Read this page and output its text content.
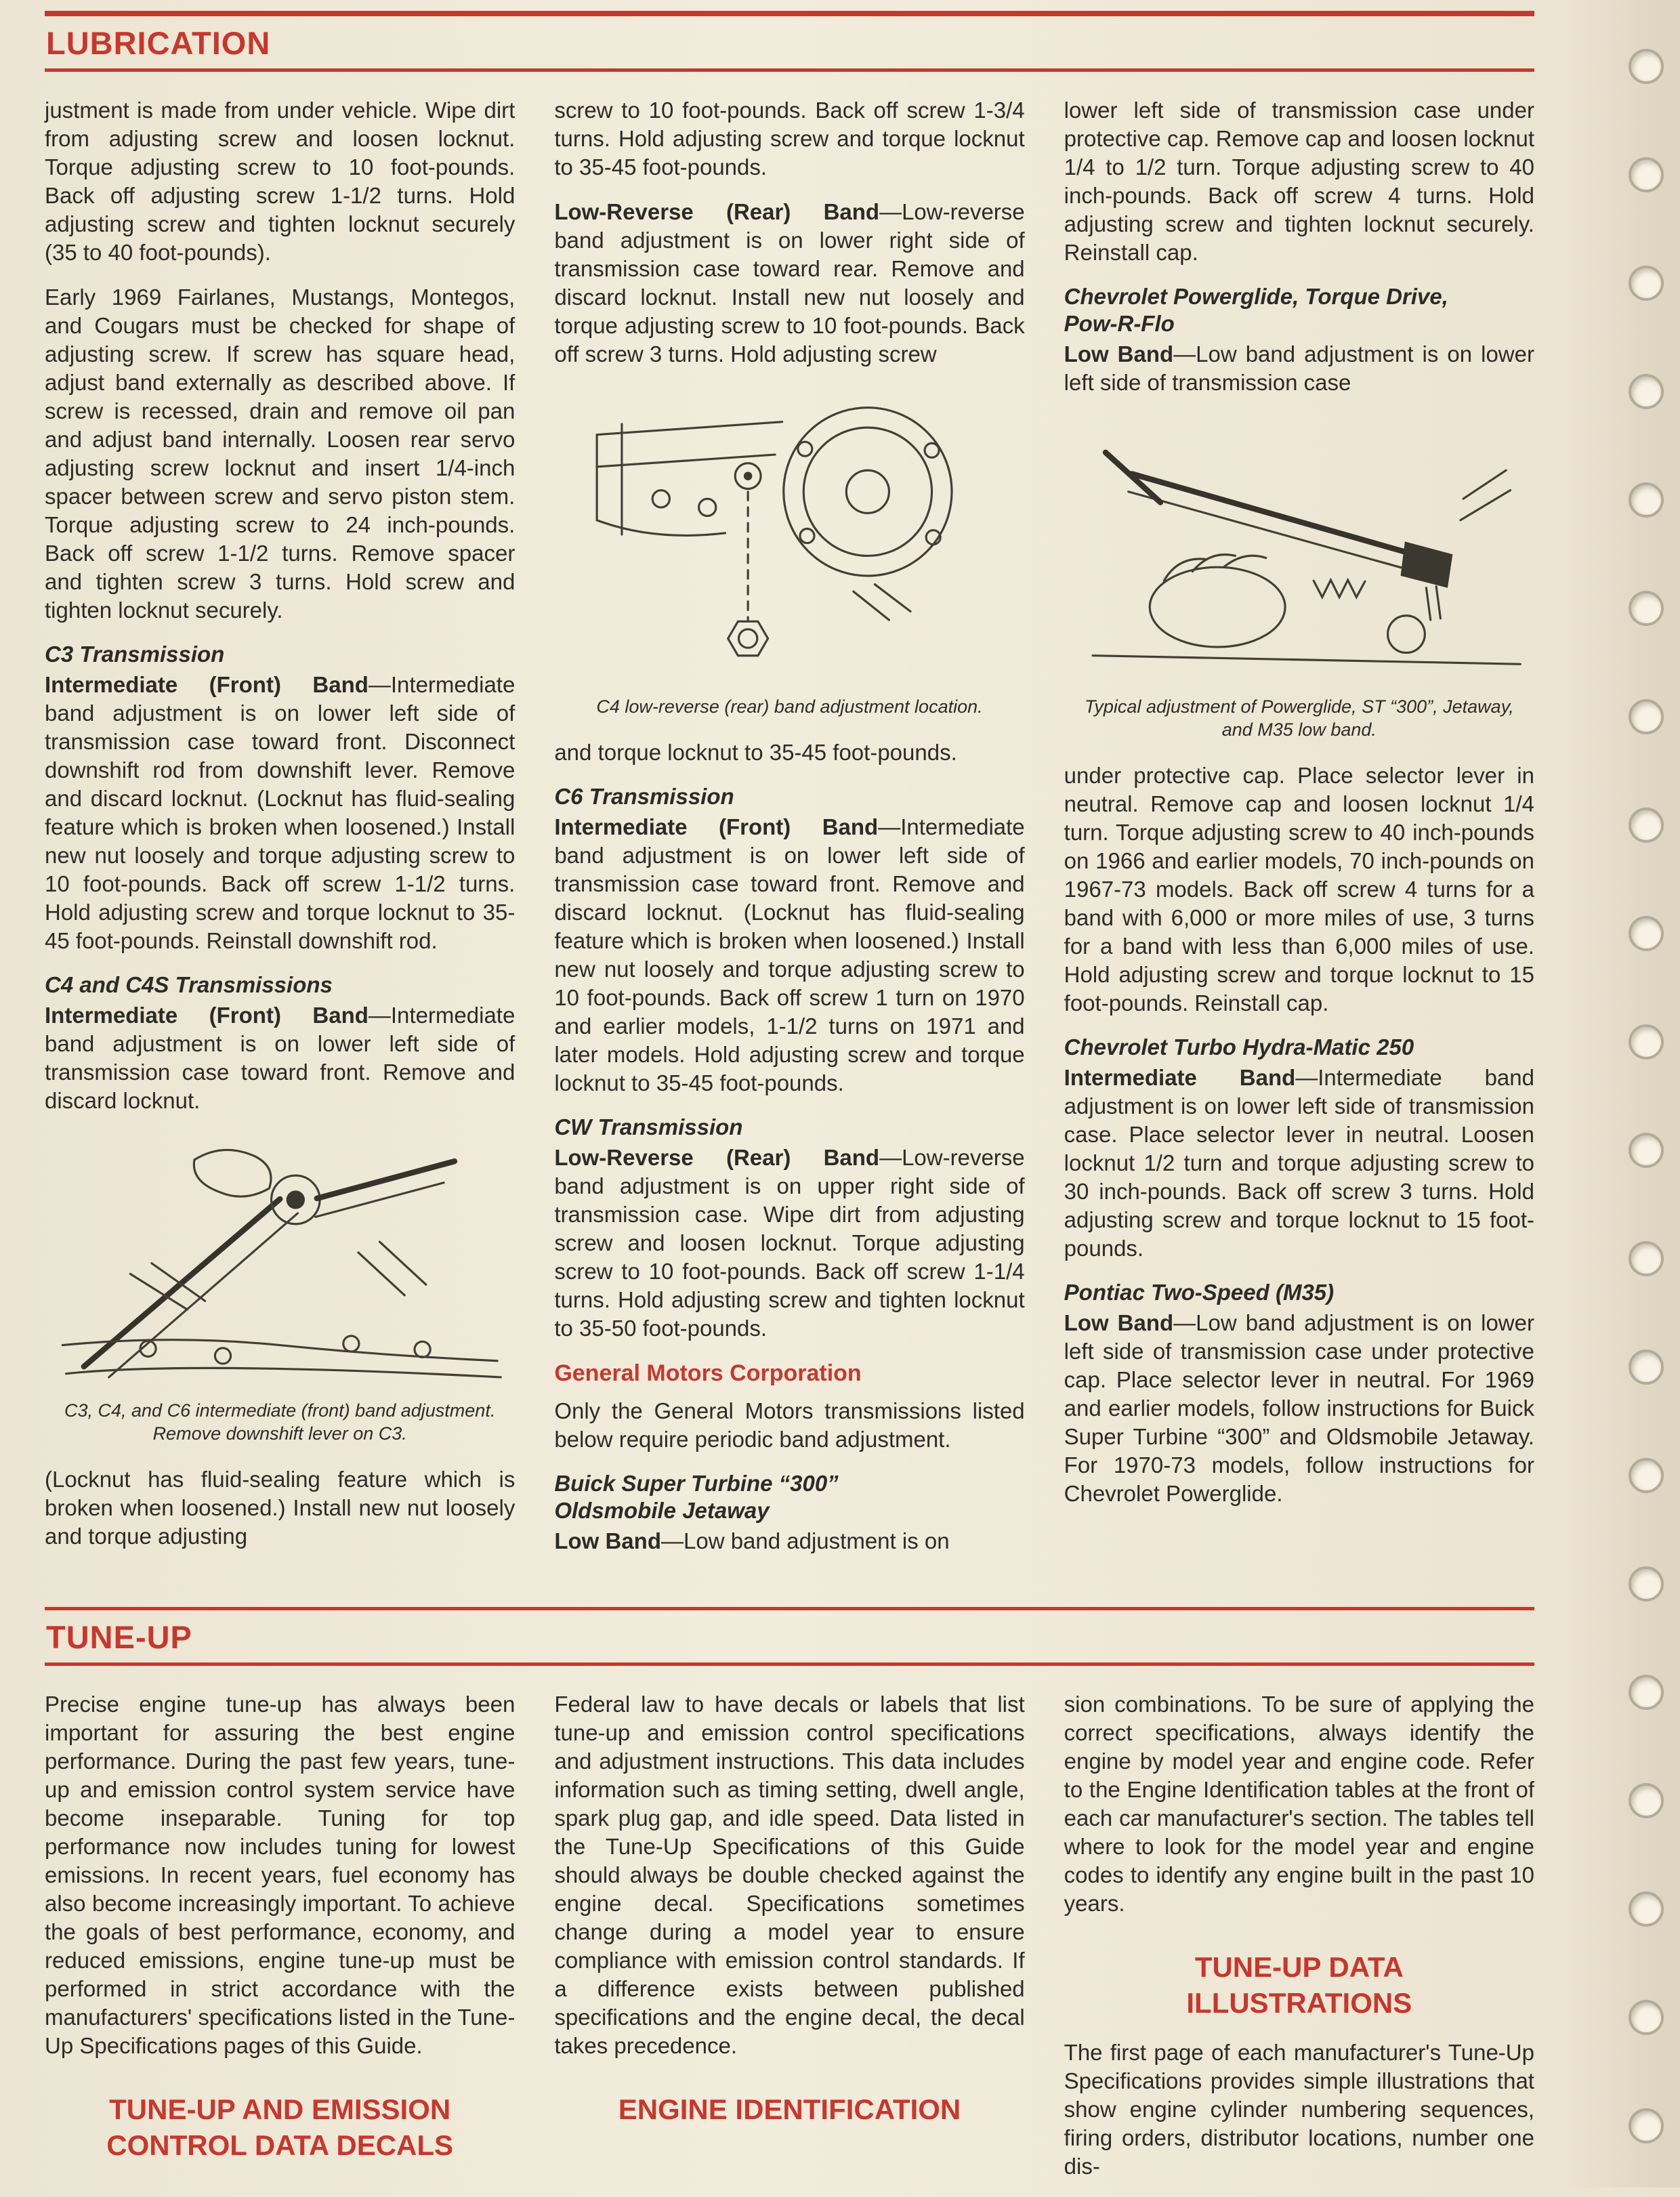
LUBRICATION

justment is made from under vehicle. Wipe dirt from adjusting screw and loosen locknut. Torque adjusting screw to 10 foot-pounds. Back off adjusting screw 1-1/2 turns. Hold adjusting screw and tighten locknut securely (35 to 40 foot-pounds).

Early 1969 Fairlanes, Mustangs, Montegos, and Cougars must be checked for shape of adjusting screw. If screw has square head, adjust band externally as described above. If screw is recessed, drain and remove oil pan and adjust band internally. Loosen rear servo adjusting screw locknut and insert 1/4-inch spacer between screw and servo piston stem. Torque adjusting screw to 24 inch-pounds. Back off screw 1-1/2 turns. Remove spacer and tighten screw 3 turns. Hold screw and tighten locknut securely.

C3 Transmission

Intermediate (Front) Band—Intermediate band adjustment is on lower left side of transmission case toward front. Disconnect downshift rod from downshift lever. Remove and discard locknut. (Locknut has fluid-sealing feature which is broken when loosened.) Install new nut loosely and torque adjusting screw to 10 foot-pounds. Back off screw 1-1/2 turns. Hold adjusting screw and torque locknut to 35-45 foot-pounds. Reinstall downshift rod.

C4 and C4S Transmissions

Intermediate (Front) Band—Intermediate band adjustment is on lower left side of transmission case toward front. Remove and discard locknut.

C3, C4, and C6 intermediate (front) band adjustment. Remove downshift lever on C3.

(Locknut has fluid-sealing feature which is broken when loosened.) Install new nut loosely and torque adjusting

screw to 10 foot-pounds. Back off screw 1-3/4 turns. Hold adjusting screw and torque locknut to 35-45 foot-pounds.

Low-Reverse (Rear) Band—Low-reverse band adjustment is on lower right side of transmission case toward rear. Remove and discard locknut. Install new nut loosely and torque adjusting screw to 10 foot-pounds. Back off screw 3 turns. Hold adjusting screw

C4 low-reverse (rear) band adjustment location.

and torque locknut to 35-45 foot-pounds.

C6 Transmission

Intermediate (Front) Band—Intermediate band adjustment is on lower left side of transmission case toward front. Remove and discard locknut. (Locknut has fluid-sealing feature which is broken when loosened.) Install new nut loosely and torque adjusting screw to 10 foot-pounds. Back off screw 1 turn on 1970 and earlier models, 1-1/2 turns on 1971 and later models. Hold adjusting screw and torque locknut to 35-45 foot-pounds.

CW Transmission

Low-Reverse (Rear) Band—Low-reverse band adjustment is on upper right side of transmission case. Wipe dirt from adjusting screw and loosen locknut. Torque adjusting screw to 10 foot-pounds. Back off screw 1-1/4 turns. Hold adjusting screw and tighten locknut to 35-50 foot-pounds.

General Motors Corporation

Only the General Motors transmissions listed below require periodic band adjustment.

Buick Super Turbine “300”
Oldsmobile Jetaway

Low Band—Low band adjustment is on

lower left side of transmission case under protective cap. Remove cap and loosen locknut 1/4 to 1/2 turn. Torque adjusting screw to 40 inch-pounds. Back off screw 4 turns. Hold adjusting screw and tighten locknut securely. Reinstall cap.

Chevrolet Powerglide, Torque Drive,
Pow-R-Flo

Low Band—Low band adjustment is on lower left side of transmission case

Typical adjustment of Powerglide, ST “300”, Jetaway, and M35 low band.

under protective cap. Place selector lever in neutral. Remove cap and loosen locknut 1/4 turn. Torque adjusting screw to 40 inch-pounds on 1966 and earlier models, 70 inch-pounds on 1967-73 models. Back off screw 4 turns for a band with 6,000 or more miles of use, 3 turns for a band with less than 6,000 miles of use. Hold adjusting screw and torque locknut to 15 foot-pounds. Reinstall cap.

Chevrolet Turbo Hydra-Matic 250

Intermediate Band—Intermediate band adjustment is on lower left side of transmission case. Place selector lever in neutral. Loosen locknut 1/2 turn and torque adjusting screw to 30 inch-pounds. Back off screw 3 turns. Hold adjusting screw and torque locknut to 15 foot-pounds.

Pontiac Two-Speed (M35)

Low Band—Low band adjustment is on lower left side of transmission case under protective cap. Place selector lever in neutral. For 1969 and earlier models, follow instructions for Buick Super Turbine “300” and Oldsmobile Jetaway. For 1970-73 models, follow instructions for Chevrolet Powerglide.

TUNE-UP

Precise engine tune-up has always been important for assuring the best engine performance. During the past few years, tune-up and emission control system service have become inseparable. Tuning for top performance now includes tuning for lowest emissions. In recent years, fuel economy has also become increasingly important. To achieve the goals of best performance, economy, and reduced emissions, engine tune-up must be performed in strict accordance with the manufacturers' specifications listed in the Tune-Up Specifications pages of this Guide.

TUNE-UP AND EMISSION
CONTROL DATA DECALS

Federal law to have decals or labels that list tune-up and emission control specifications and adjustment instructions. This data includes information such as timing setting, dwell angle, spark plug gap, and idle speed. Data listed in the Tune-Up Specifications of this Guide should always be double checked against the engine decal. Specifications sometimes change during a model year to ensure compliance with emission control standards. If a difference exists between published specifications and the engine decal, the decal takes precedence.

ENGINE IDENTIFICATION

sion combinations. To be sure of applying the correct specifications, always identify the engine by model year and engine code. Refer to the Engine Identification tables at the front of each car manufacturer's section. The tables tell where to look for the model year and engine codes to identify any engine built in the past 10 years.

TUNE-UP DATA
ILLUSTRATIONS

The first page of each manufacturer's Tune-Up Specifications provides simple illustrations that show engine cylinder numbering sequences, firing orders, distributor locations, number one dis-
